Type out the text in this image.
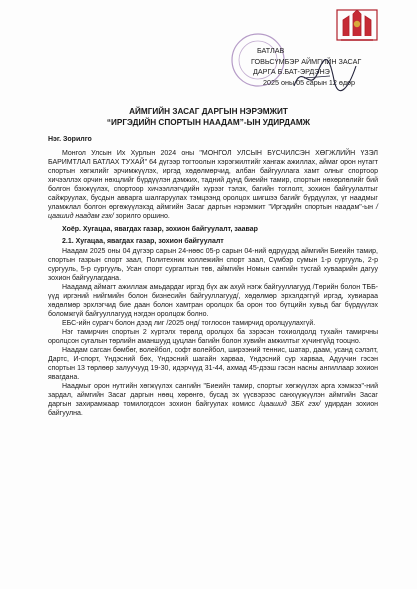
БАТЛАВ
ГОВЬСҮМБЭР АЙМГИЙН ЗАСАГ
ДАРГА Б.БАТ-ЭРДЭНЭ
2025 оны 05 сарын 12 өдөр
АЙМГИЙН ЗАСАГ ДАРГЫН НЭРЭМЖИТ
“ИРГЭДИЙН СПОРТЫН НААДАМ”-ЫН УДИРДАМЖ

Нэг. Зорилго

Монгол Улсын Их Хурлын 2024 оны "МОНГОЛ УЛСЫН БҮСЧИЛСЭН ХӨГЖЛИЙН ҮЗЭЛ БАРИМТЛАЛ БАТЛАХ ТУХАЙ" 64 дүгээр тогтоолын хэрэгжилтийг хангаж ажиллах, аймаг орон нутагт спортын хөгжлийг эрчимжүүлэх, иргэд хөдөлмөрчид, албан байгууллага хамт олныг спортоор хичээллэх орчин нөхцлийг бүрдүүлэн дэмжих, тадний дунд биеийн тамир, спортын нөхөрлөлийг бий болгон бэхжүүлэх, спортоор хичээллэгчдийн хүрээг тэлэх, багийн тоглолт, зохион байгуулалтыг сайжруулах, бусдын авварга шалгаруулах тэмцээнд оролцох шигшээ багийг бүрдүүлэх, үг наадмыг уламжлал болгон өргөжүүлэхэд аймгийн Засаг даргын нэрэмжит "Иргэдийн спортын наадам"-ын /цаашид наадам гэх/ зорилго оршино.

Хоёр. Хугацаа, явагдах газар, зохион байгуулалт, заавар

2.1. Хугацаа, явагдах газар, зохион байгуулалт

Наадам 2025 оны 04 дүгээр сарын 24-нөөс 05-р сарын 04-ний өдрүүдэд аймгийн Биеийн тамир, спортын газрын спорт заал, Политехник коллежийн спорт заал, Сүмбэр сумын 1-р сургууль, 2-р сургууль, 5-р сургууль, Усан спорт сургалтын төв, аймгийн Номын сангийн тусгай хуваарийн дагуу зохион байгуулагдана.

Наадамд аймагт ажиллаж амьдардаг иргэд бүх аж ахуй нэгж байгууллагууд /Төрийн болон ТББ-үүд иргэний нийгмийн болон бизнесийн байгууллагууд/, хөдөлмөр эрхэлдэггүй иргэд, хувиараа хөдөлмөр эрхлэгчид бие даан болон хамтран оролцох ба орон тоо бүтцийн хувьд баг бүрдүүлэх боломжгүй байгууллагууд нэгдэн оролцож болно.

ЕБС-ийн сурагч болон дээд лиг /2025 онд/ тоглосон тамирчид оролцуулахгүй.

Нэг тамирчин спортын 2 хүртэлх төрөлд оролцох ба зэрэсэн тохиолдолд тухайн тамирчны оролцсон сугалын төрлийн аманшууд цуцлан багийн болон хувийн амжилтыг хүчингүйд тооцно.

Наадам сагсан бөмбөг, волейбол, софт волейбол, ширээний теннис, шатар, даам, усанд сэлэлт, Дартс, И-спорт, Үндэсний бөх, Үндэсний шагайн харваа, Үндэсний сур харваа, Адуучин гэсэн спортын 13 төрлөөр залуучууд 19-30, идэрчүүд 31-44, ахмад 45-дээш гэсэн насны ангиллаар зохион явагдана.

Наадмыг орон нутгийн хөгжүүлэх сангийн "Биеийн тамир, спортыг хөгжүүлэх арга хэмжээ"-ний зардал, аймгийн Засаг даргын нөөц хөрөнгө, бусад эх үүсвэрээс санхүүжүүлэн аймгийн Засаг даргын захирамжаар томилогдсон зохион байгуулах комисс /цаашид ЗБК гэх/ удирдан зохион байгуулна.
